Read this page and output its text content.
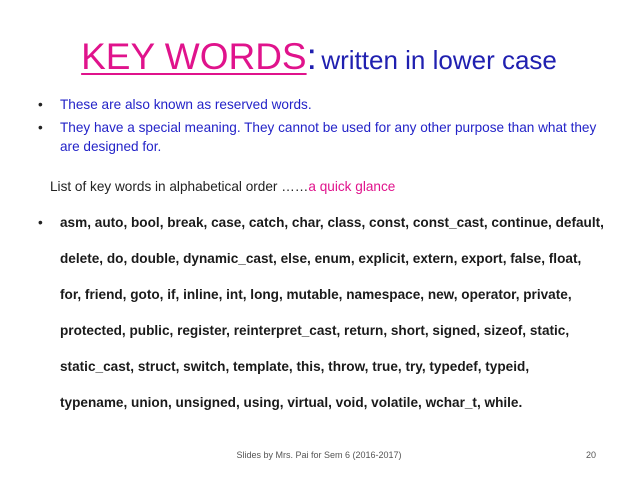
KEY WORDS: written in lower case
• These are also known as reserved words.
• They have a special meaning. They cannot be used for any other purpose than what they are designed for.
List of key words in alphabetical order ……a quick glance
• asm, auto, bool, break, case, catch, char, class, const, const_cast, continue, default,
delete, do, double, dynamic_cast, else, enum, explicit, extern, export, false, float,
for, friend, goto, if, inline, int, long, mutable, namespace, new, operator, private,
protected, public, register, reinterpret_cast, return, short, signed, sizeof, static,
static_cast, struct, switch, template, this, throw, true, try, typedef, typeid,
typename, union, unsigned, using, virtual, void, volatile, wchar_t, while.
Slides by Mrs. Pai for Sem 6 (2016-2017)	20
